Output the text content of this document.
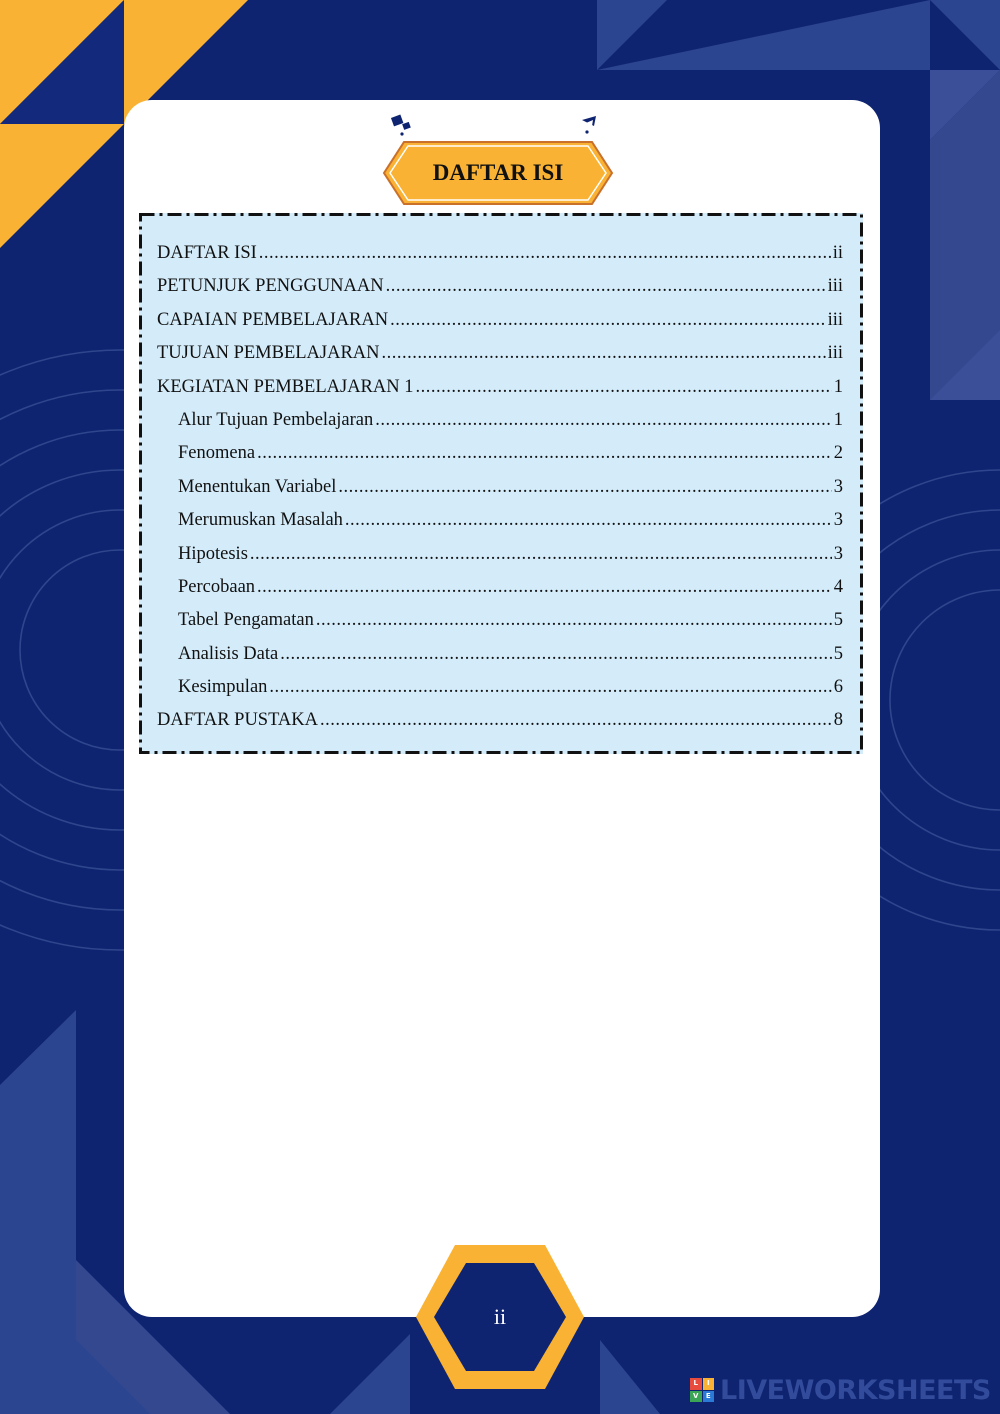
DAFTAR ISI
DAFTAR ISI .....	ii
PETUNJUK PENGGUNAAN .....	iii
CAPAIAN PEMBELAJARAN .....	iii
TUJUAN PEMBELAJARAN .....	iii
KEGIATAN PEMBELAJARAN 1 .....	1
Alur Tujuan Pembelajaran .....	1
Fenomena .....	2
Menentukan Variabel .....	3
Merumuskan Masalah .....	3
Hipotesis .....	3
Percobaan .....	4
Tabel Pengamatan .....	5
Analisis Data .....	5
Kesimpulan .....	6
DAFTAR PUSTAKA .....	8
ii
L	I
V	E LIVEWORKSHEETS
